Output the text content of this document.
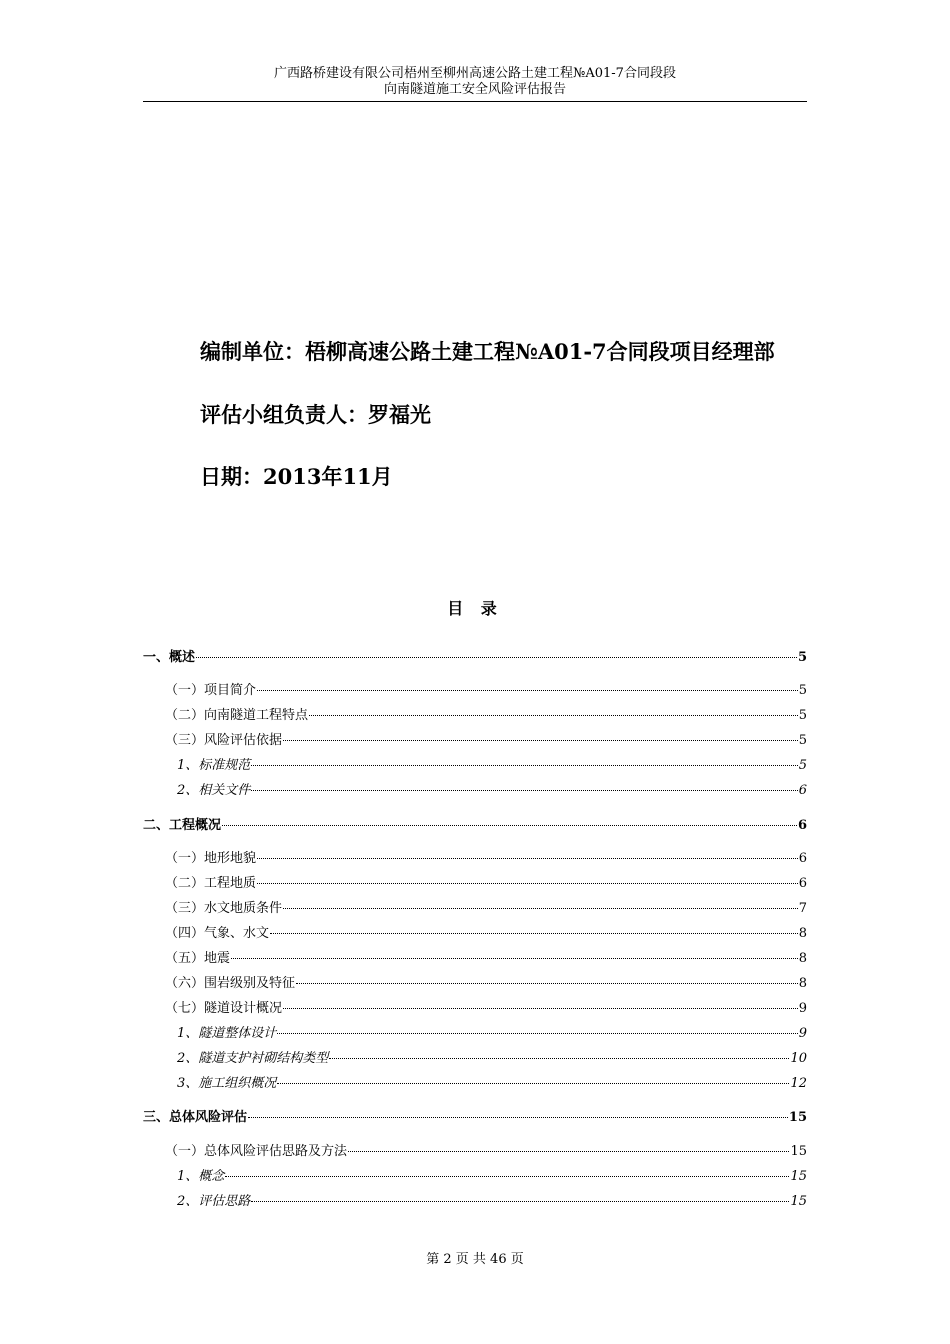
广西路桥建设有限公司梧州至柳州高速公路土建工程№A01-7合同段段
向南隧道施工安全风险评估报告
编制单位：梧柳高速公路土建工程№A01-7合同段项目经理部
评估小组负责人：罗福光
日期：2013年11月
目 录
一、概述	5
（一）项目简介	5
（二）向南隧道工程特点	5
（三）风险评估依据	5
1、标准规范	5
2、相关文件	6
二、工程概况	6
（一）地形地貌	6
（二）工程地质	6
（三）水文地质条件	7
（四）气象、水文	8
（五）地震	8
（六）围岩级别及特征	8
（七）隧道设计概况	9
1、隧道整体设计	9
2、隧道支护衬砌结构类型	10
3、施工组织概况	12
三、总体风险评估	15
（一）总体风险评估思路及方法	15
1、概念	15
2、评估思路	15
第 2 页 共 46 页
